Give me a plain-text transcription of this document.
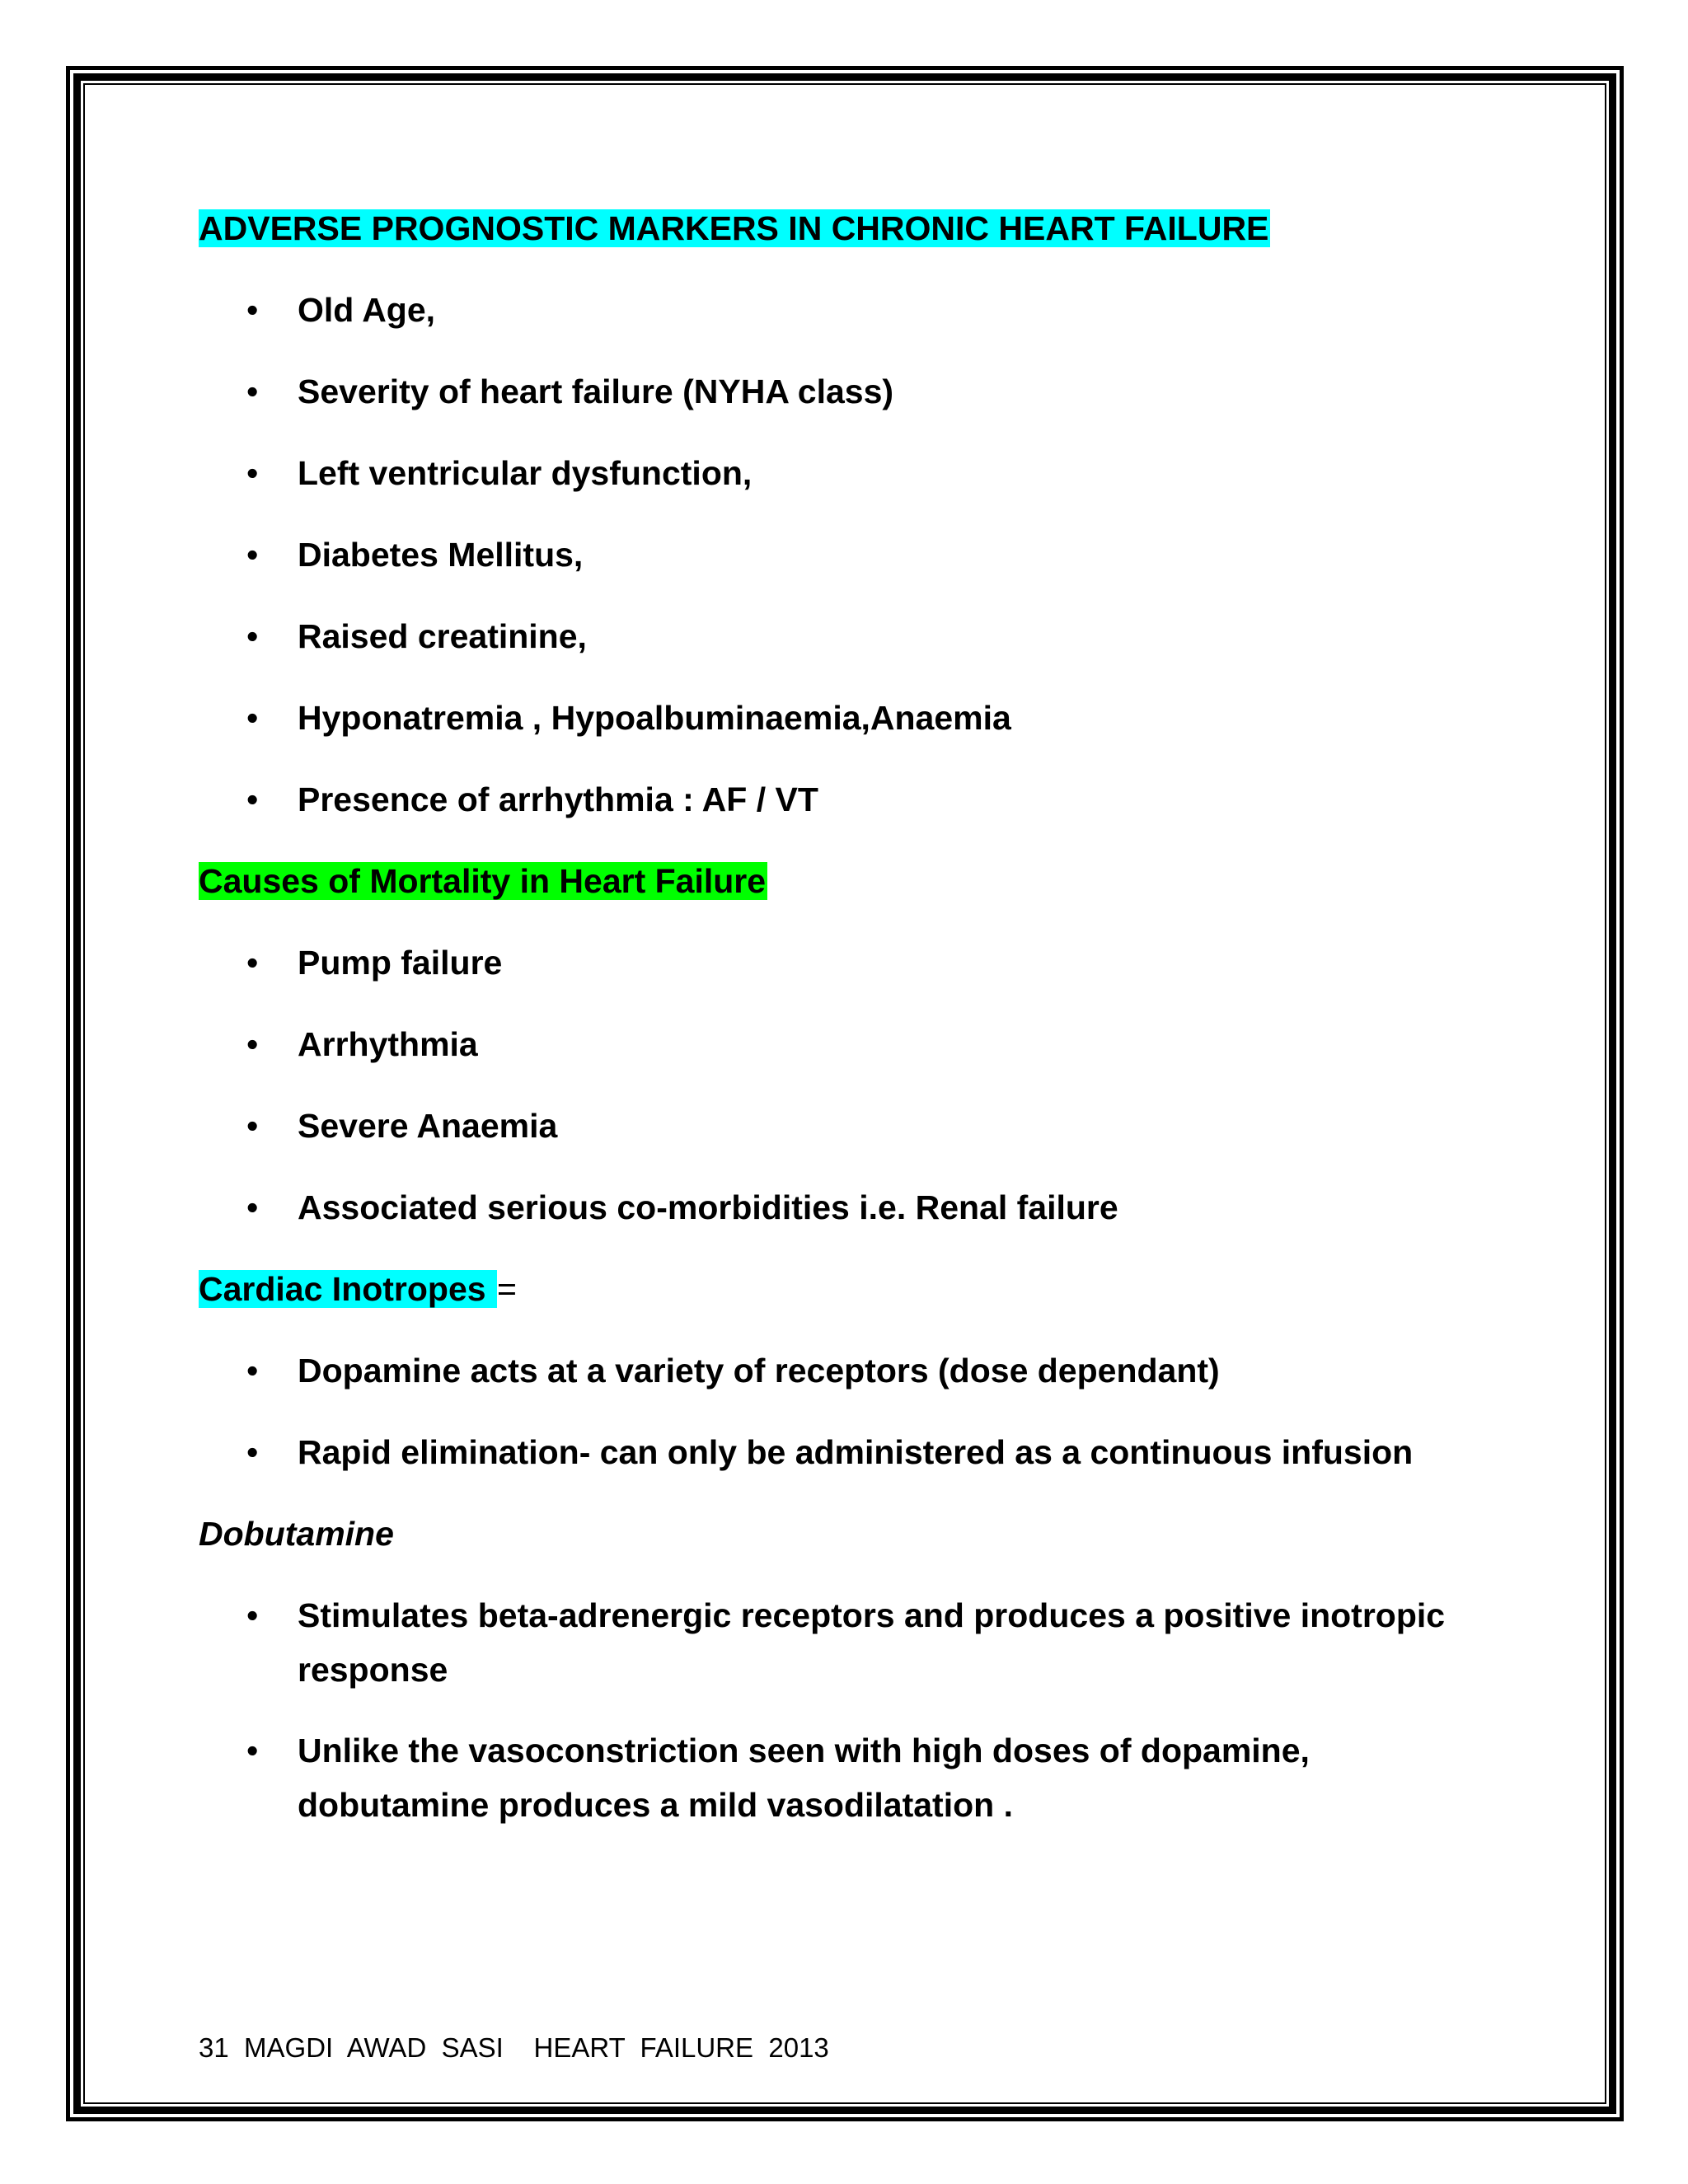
ADVERSE PROGNOSTIC MARKERS IN CHRONIC HEART FAILURE
• Old Age,
• Severity of heart failure (NYHA class)
• Left ventricular dysfunction,
• Diabetes Mellitus,
• Raised creatinine,
• Hyponatremia , Hypoalbuminaemia,Anaemia
• Presence of arrhythmia : AF / VT
Causes of Mortality in Heart Failure
• Pump failure
• Arrhythmia
• Severe Anaemia
• Associated serious co-morbidities i.e. Renal failure
Cardiac Inotropes =
• Dopamine acts at a variety of receptors (dose dependant)
• Rapid elimination- can only be administered as a continuous infusion
Dobutamine
• Stimulates beta-adrenergic receptors and produces a positive inotropic response
• Unlike the vasoconstriction seen with high doses of dopamine, dobutamine produces a mild vasodilatation .
31  MAGDI  AWAD  SASI    HEART  FAILURE  2013
